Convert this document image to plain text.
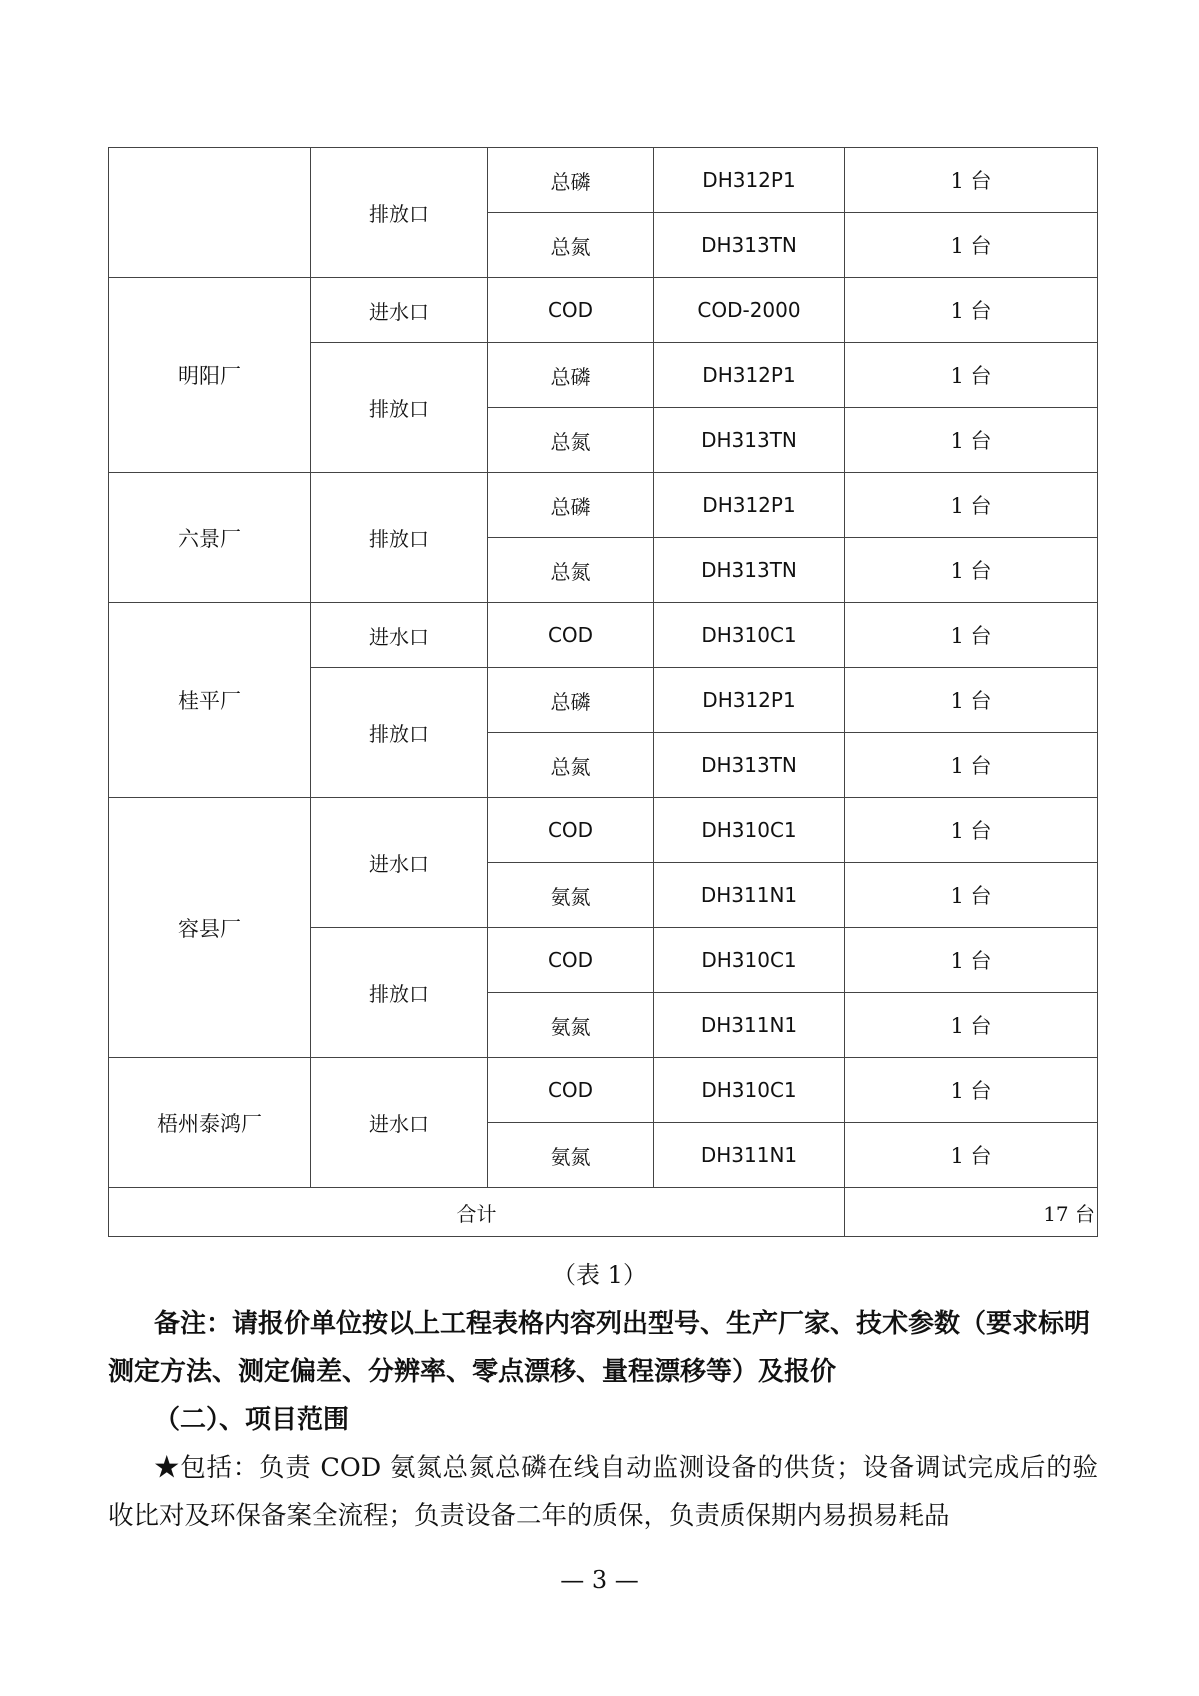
	排放口	总磷	DH312P1	1 台
		总氮	DH313TN	1 台
明阳厂	进水口	COD	COD-2000	1 台
	排放口	总磷	DH312P1	1 台
		总氮	DH313TN	1 台
六景厂	排放口	总磷	DH312P1	1 台
		总氮	DH313TN	1 台
桂平厂	进水口	COD	DH310C1	1 台
	排放口	总磷	DH312P1	1 台
		总氮	DH313TN	1 台
容县厂	进水口	COD	DH310C1	1 台
		氨氮	DH311N1	1 台
	排放口	COD	DH310C1	1 台
		氨氮	DH311N1	1 台
梧州泰鸿厂	进水口	COD	DH310C1	1 台
		氨氮	DH311N1	1 台
合计				17 台
（表 1）
备注：请报价单位按以上工程表格内容列出型号、生产厂家、技术参数（要求标明测定方法、测定偏差、分辨率、零点漂移、量程漂移等）及报价
（二）、项目范围
★包括：负责 COD 氨氮总氮总磷在线自动监测设备的供货；设备调试完成后的验收比对及环保备案全流程；负责设备二年的质保，负责质保期内易损易耗品
— 3 —
